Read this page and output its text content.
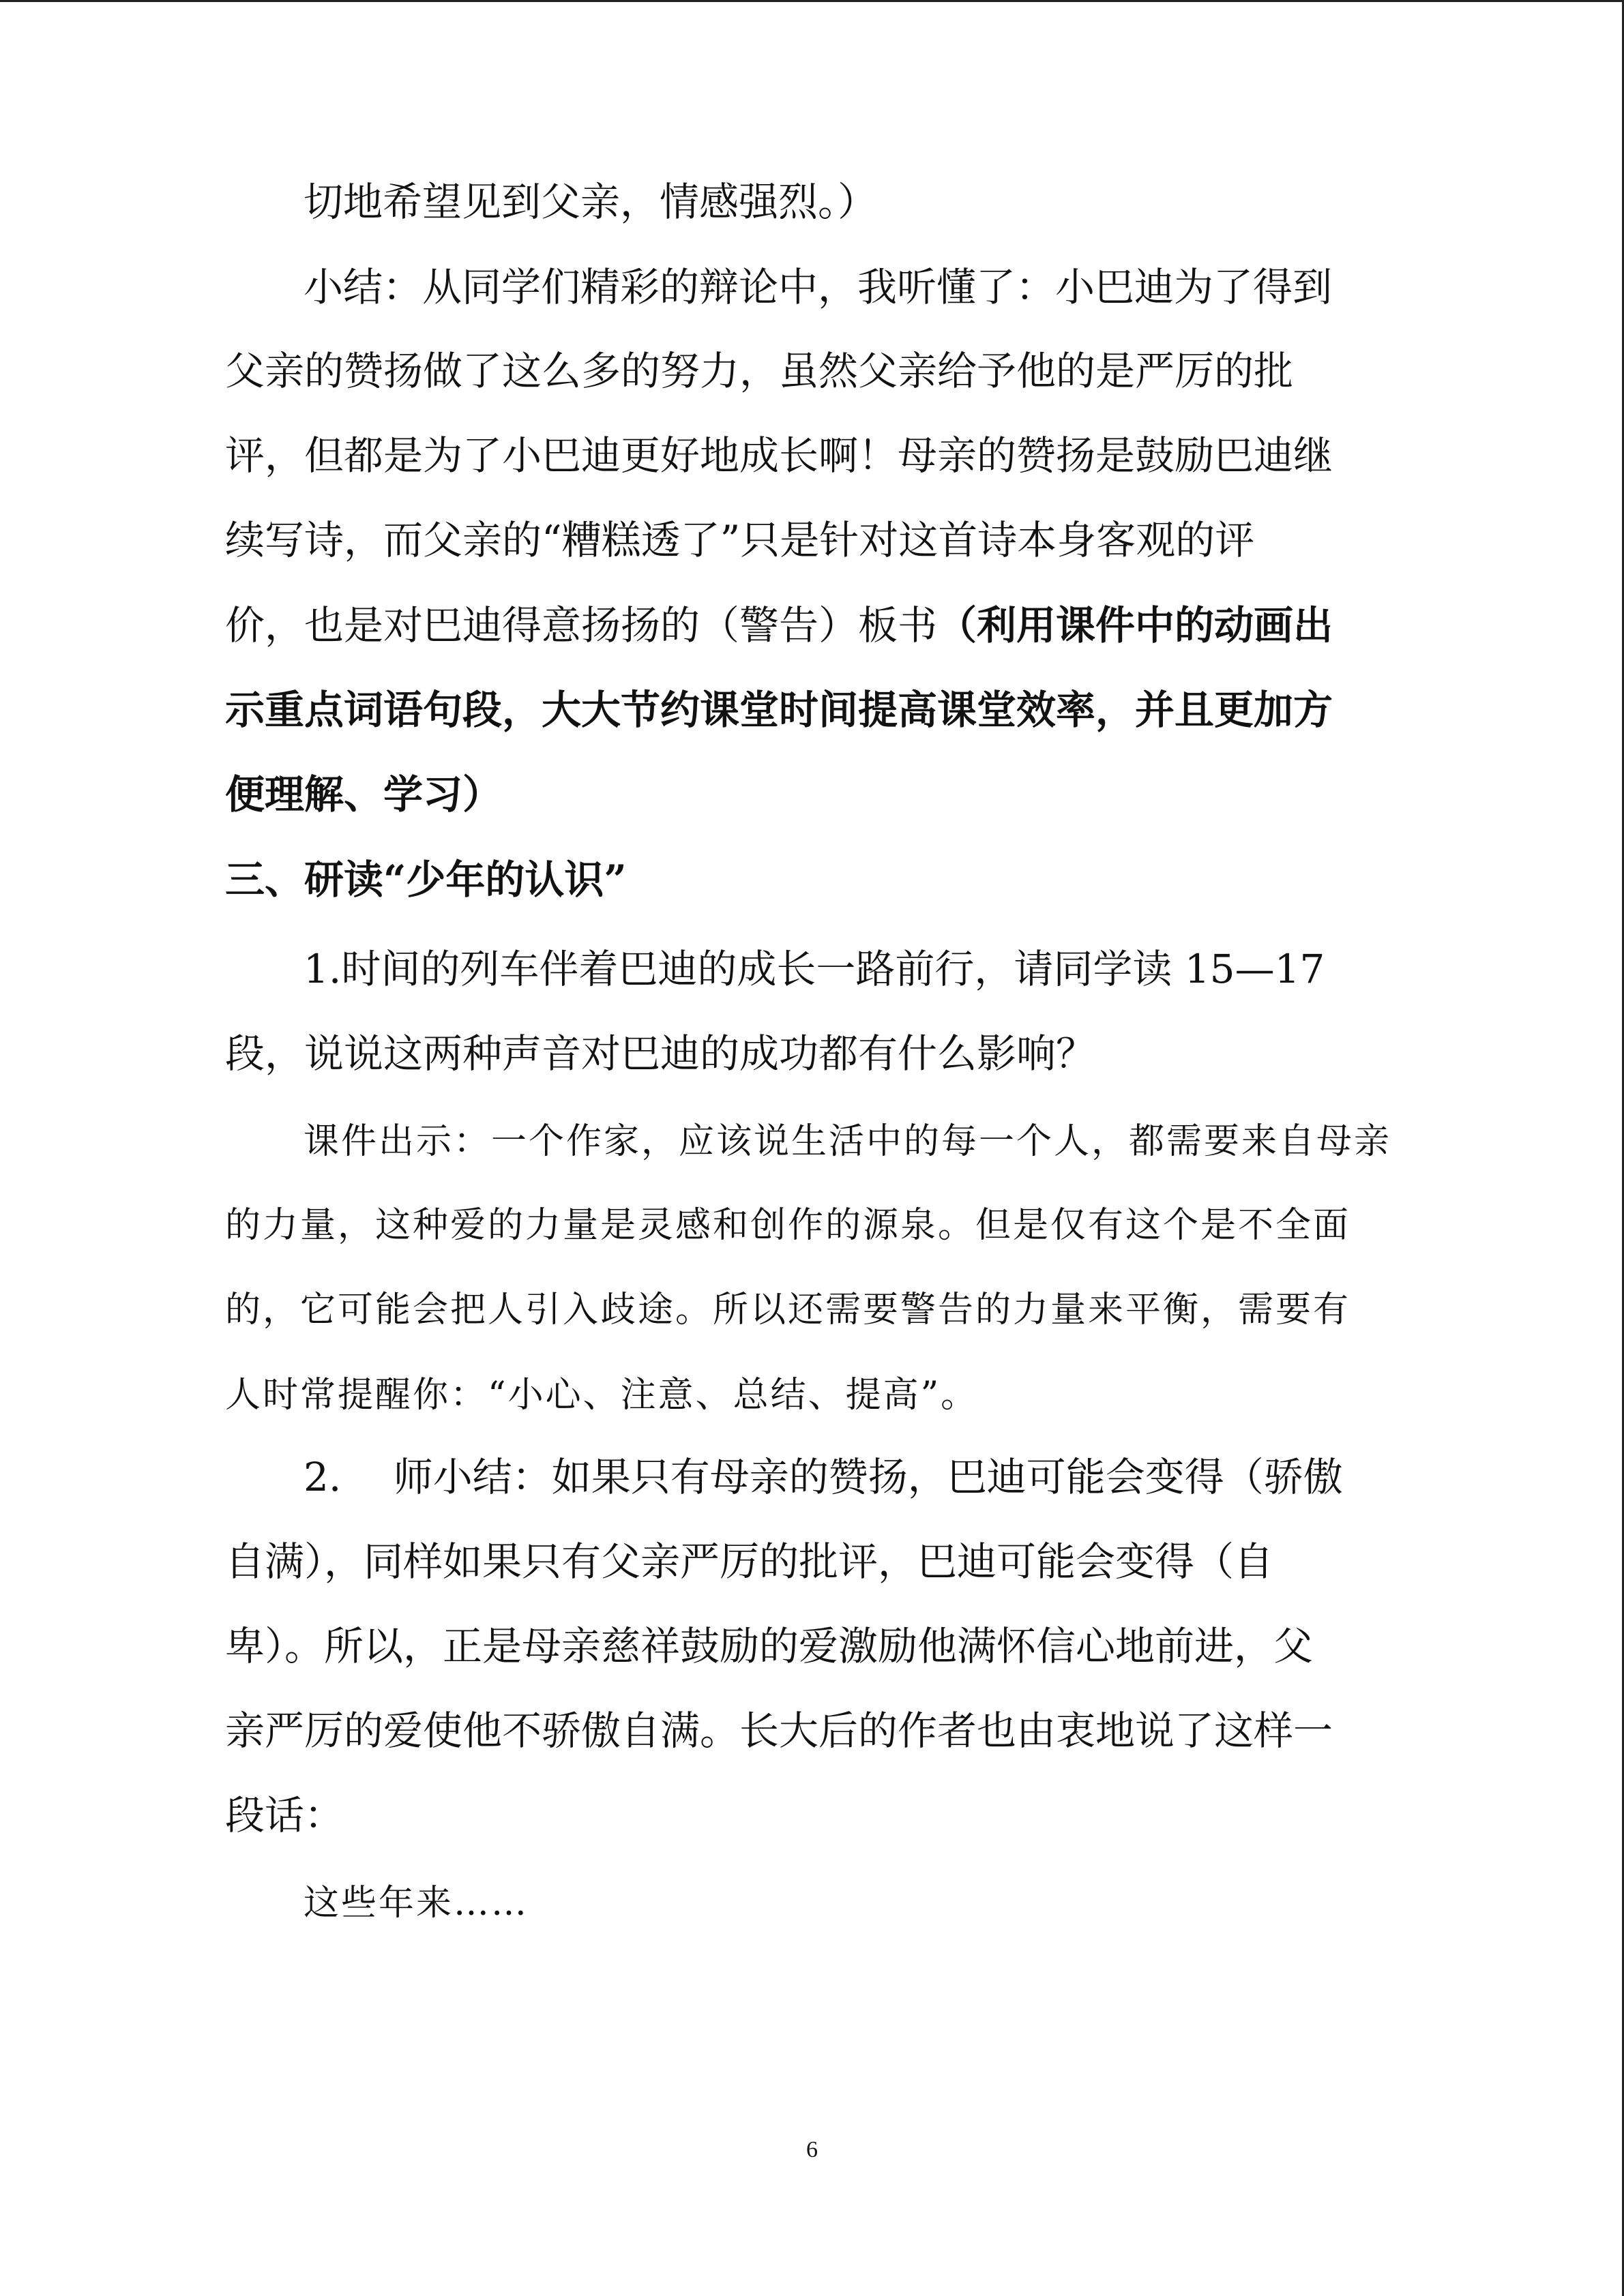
切地希望见到父亲，情感强烈。）
小结：从同学们精彩的辩论中，我听懂了：小巴迪为了得到
父亲的赞扬做了这么多的努力，虽然父亲给予他的是严厉的批
评，但都是为了小巴迪更好地成长啊！母亲的赞扬是鼓励巴迪继
续写诗，而父亲的“糟糕透了”只是针对这首诗本身客观的评
价，也是对巴迪得意扬扬的（警告）板书（利用课件中的动画出
示重点词语句段，大大节约课堂时间提高课堂效率，并且更加方
便理解、学习）
三、研读“少年的认识”
1.时间的列车伴着巴迪的成长一路前行，请同学读 15—17
段，说说这两种声音对巴迪的成功都有什么影响？
课件出示：一个作家，应该说生活中的每一个人，都需要来自母亲
的力量，这种爱的力量是灵感和创作的源泉。但是仅有这个是不全面
的，它可能会把人引入歧途。所以还需要警告的力量来平衡，需要有
人时常提醒你：“小心、注意、总结、提高”。
2.　 师小结：如果只有母亲的赞扬，巴迪可能会变得（骄傲
自满），同样如果只有父亲严厉的批评，巴迪可能会变得（自
卑）。所以，正是母亲慈祥鼓励的爱激励他满怀信心地前进，父
亲严厉的爱使他不骄傲自满。长大后的作者也由衷地说了这样一
段话：
这些年来……
6
